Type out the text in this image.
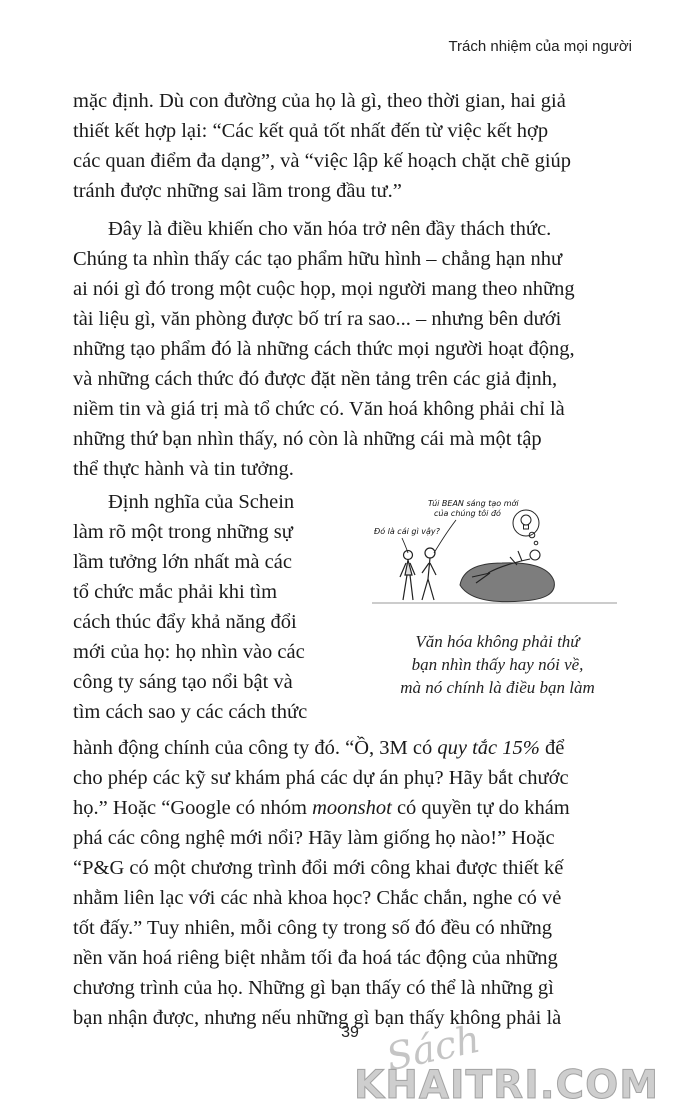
Trách nhiệm của mọi người

mặc định. Dù con đường của họ là gì, theo thời gian, hai giả
thiết kết hợp lại: “Các kết quả tốt nhất đến từ việc kết hợp
các quan điểm đa dạng”, và “việc lập kế hoạch chặt chẽ giúp
tránh được những sai lầm trong đầu tư.”

Đây là điều khiến cho văn hóa trở nên đầy thách thức.
Chúng ta nhìn thấy các tạo phẩm hữu hình – chẳng hạn như
ai nói gì đó trong một cuộc họp, mọi người mang theo những
tài liệu gì, văn phòng được bố trí ra sao... – nhưng bên dưới
những tạo phẩm đó là những cách thức mọi người hoạt động,
và những cách thức đó được đặt nền tảng trên các giả định,
niềm tin và giá trị mà tổ chức có. Văn hoá không phải chỉ là
những thứ bạn nhìn thấy, nó còn là những cái mà một tập
thể thực hành và tin tưởng.

Định nghĩa của Schein
làm rõ một trong những sự
lầm tưởng lớn nhất mà các
tổ chức mắc phải khi tìm
cách thúc đẩy khả năng đổi
mới của họ: họ nhìn vào các
công ty sáng tạo nổi bật và
tìm cách sao y các cách thức

Đó là cái gì vậy?
Túi BEAN sáng tạo mới
của chúng tôi đó
Văn hóa không phải thứ
bạn nhìn thấy hay nói về,
mà nó chính là điều bạn làm

hành động chính của công ty đó. “Ồ, 3M có quy tắc 15% để
cho phép các kỹ sư khám phá các dự án phụ? Hãy bắt chước
họ.” Hoặc “Google có nhóm moonshot có quyền tự do khám
phá các công nghệ mới nổi? Hãy làm giống họ nào!” Hoặc
“P&G có một chương trình đổi mới công khai được thiết kế
nhằm liên lạc với các nhà khoa học? Chắc chắn, nghe có vẻ
tốt đấy.” Tuy nhiên, mỗi công ty trong số đó đều có những
nền văn hoá riêng biệt nhằm tối đa hoá tác động của những
chương trình của họ. Những gì bạn thấy có thể là những gì
bạn nhận được, nhưng nếu những gì bạn thấy không phải là

39 Sách
KHAITRI.COM
